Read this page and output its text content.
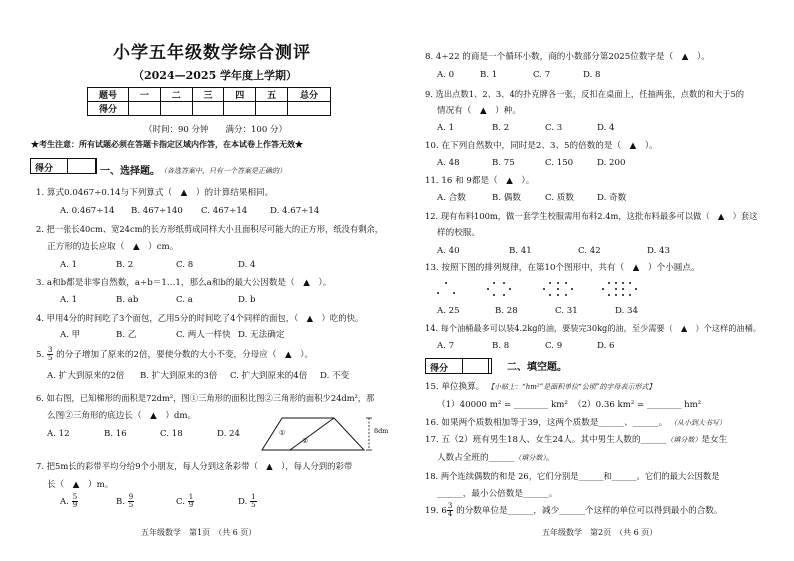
小学五年级数学综合测评
（2024—2025 学年度上学期）
题号	一	二	三	四	五	总分
得分						
（时间：90 分钟　　满分：100 分）
★考生注意：所有试题必须在答题卡指定区域内作答，在本试卷上作答无效★
得分	一、选择题。 （各选答案中，只有一个答案是正确的）
1. 算式0.0467÷0.14与下列算式（　▲　）的计算结果相同。
A. 0.467÷14 B. 467÷140 C. 467÷14	D. 4.67÷14
2. 把一张长40cm、宽24cm的长方形纸剪成同样大小且面积尽可能大的正方形，纸没有剩余，
正方形的边长应取（　▲　）cm。
A. 1	B. 2	C. 8	D. 4
3. a和b都是非零自然数，a÷b＝1…1，那么a和b的最大公因数是（　▲　）。
A. 1	B. ab	C. a	D. b
4. 甲用4分的时间吃了3个面包，乙用5分的时间吃了4个同样的面包，（　▲　）吃的快。
A. 甲	B. 乙	C. 两人一样快 D. 无法确定
5. $\frac{3}{5}$ 的分子增加了原来的2倍，要使分数的大小不变，分母应（　▲　）。
A. 扩大到原来的2倍 B. 扩大到原来的3倍 C. 扩大到原来的4倍 D. 不变
6. 如右图，已知梯形的面积是72dm²，图①三角形的面积比图②三角形的面积少24dm²，那
么图②三角形的底边长（　▲　）dm。
A. 12	B. 16	C. 18	D. 24	①
②
8dm
7. 把5m长的彩带平均分给9个小朋友，每人分到这条彩带（　▲　），每人分到的彩带
长（　▲　）m。
A. $\frac{5}{9}$	B. $\frac{9}{5}$	C. $\frac{1}{9}$	D. $\frac{1}{5}$
五年级数学　第1页　（共 6 页）
8. 4÷22 的商是一个循环小数，商的小数部分第2025位数字是（　▲　）。
A. 0	B. 1	C. 7	D. 8
9. 选出点数1、2、3、4的扑克牌各一张，反扣在桌面上，任抽两张，点数的和大于5的
情况有（　▲　）种。
A. 1	B. 2	C. 3	D. 4
10. 在下列自然数中，同时是2、3、5的倍数的是（　▲　）。
A. 48	B. 75	C. 150	D. 200
11. 16 和 9都是（　▲　）。
A. 合数	B. 偶数	C. 质数	D. 奇数
12. 现有布料100m，做一套学生校服需用布料2.4m，这批布料最多可以做（　▲　）套这
样的校服。
A. 40	B. 41	C. 42	D. 43
13. 按照下图的排列规律，在第10个图形中，共有（　▲　）个小圆点。
A. 25	B. 28	C. 31	D. 34
14. 每个油桶最多可以装4.2kg的油，要装完30kg的油，至少需要（　▲　）个这样的油桶。
A. 7	B. 8	C. 9	D. 6
得分	二、填空题。
15. 单位换算。 【小贴士：“hm²”是面积单位“公顷”的字母表示形式】
（1）40000 m² = ________ km² （2）0.36 km² = ________ hm²
16. 如果两个质数相加等于39，这两个质数是______、______。 （从小到大书写）
17. 五（2）班有男生18人、女生24人。其中男生人数的______（填分数）是女生
人数占全班的______（填分数）。
18. 两个连续偶数的和是 26，它们分别是______和______。它们的最大公因数是
______，最小公倍数是______。
19. $6 \frac{3}{4}$ 的分数单位是______，减少______个这样的单位可以得到最小的合数。
五年级数学　第2页　（共 6 页）
